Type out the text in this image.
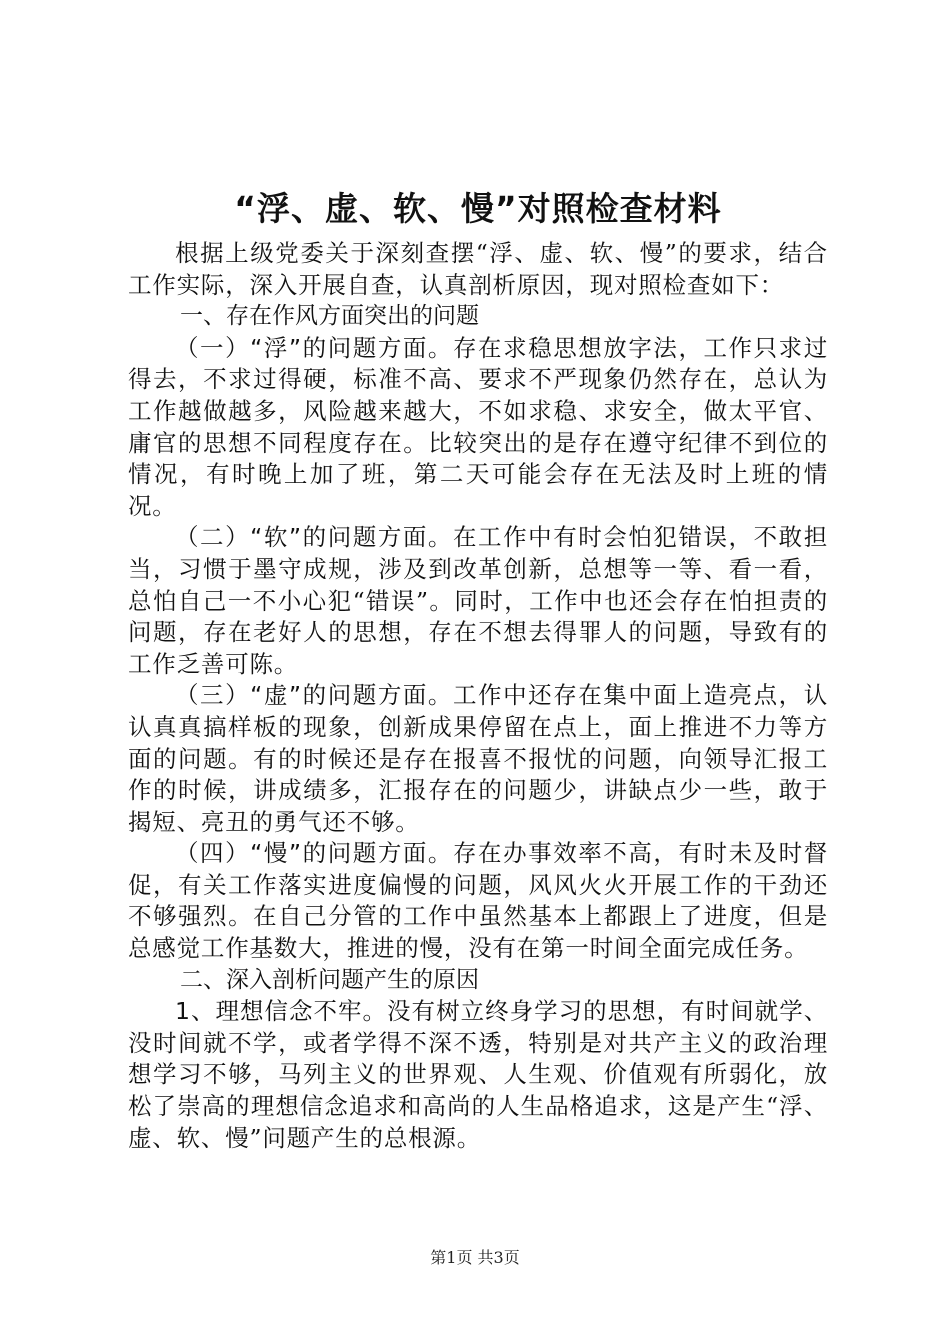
“浮、虚、软、慢”对照检查材料

根据上级党委关于深刻查摆“浮、虚、软、慢”的要求，结合工作实际，深入开展自查，认真剖析原因，现对照检查如下：

一、存在作风方面突出的问题

（一）“浮”的问题方面。存在求稳思想放字法，工作只求过得去，不求过得硬，标准不高、要求不严现象仍然存在，总认为工作越做越多，风险越来越大，不如求稳、求安全，做太平官、庸官的思想不同程度存在。比较突出的是存在遵守纪律不到位的情况，有时晚上加了班，第二天可能会存在无法及时上班的情况。

（二）“软”的问题方面。在工作中有时会怕犯错误，不敢担当，习惯于墨守成规，涉及到改革创新，总想等一等、看一看，总怕自己一不小心犯“错误”。同时，工作中也还会存在怕担责的问题，存在老好人的思想，存在不想去得罪人的问题，导致有的工作乏善可陈。

（三）“虚”的问题方面。工作中还存在集中面上造亮点，认认真真搞样板的现象，创新成果停留在点上，面上推进不力等方面的问题。有的时候还是存在报喜不报忧的问题，向领导汇报工作的时候，讲成绩多，汇报存在的问题少，讲缺点少一些，敢于揭短、亮丑的勇气还不够。

（四）“慢”的问题方面。存在办事效率不高，有时未及时督促，有关工作落实进度偏慢的问题，风风火火开展工作的干劲还不够强烈。在自己分管的工作中虽然基本上都跟上了进度，但是总感觉工作基数大，推进的慢，没有在第一时间全面完成任务。

二、深入剖析问题产生的原因

1、理想信念不牢。没有树立终身学习的思想，有时间就学、没时间就不学，或者学得不深不透，特别是对共产主义的政治理想学习不够，马列主义的世界观、人生观、价值观有所弱化，放松了崇高的理想信念追求和高尚的人生品格追求，这是产生“浮、虚、软、慢”问题产生的总根源。

第1页 共3页
